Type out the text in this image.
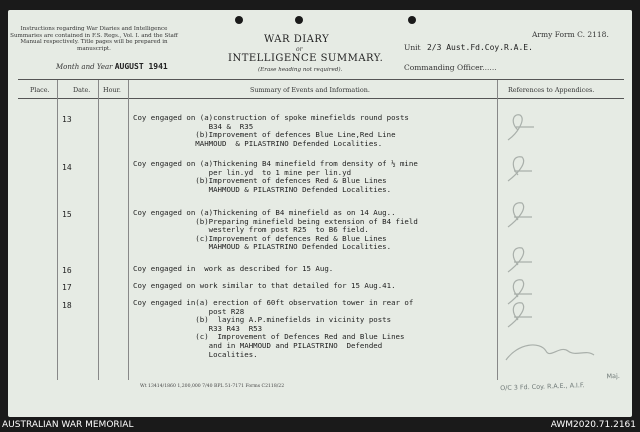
Instructions regarding War Diaries and Intelligence Summaries are contained in F.S. Regs., Vol. I. and the Staff Manual respectively. Title pages will be prepared in manuscript.
Month and Year AUGUST 1941
WAR DIARY
or
INTELLIGENCE SUMMARY.
(Erase heading not required).
Army Form C. 2118.
Unit 2/3 Aust.Fd.Coy.R.A.E.
Commanding Officer......
Place.	Date. Hour.	Summary of Events and Information.	References to Appendices.
13	Coy engaged on (a)construction of spoke minefields round posts
B34 &  R35
(b)Improvement of defences Blue Line,Red Line
MAHMOUD  & PILASTRINO Defended Localities.
14	Coy engaged on (a)Thickening B4 minefield from density of ½ mine
per lin.yd  to 1 mine per lin.yd
(b)Improvement of defences Red & Blue Lines
MAHMOUD & PILASTRINO Defended Localities.
15	Coy engaged on (a)Thickening of B4 minefield as on 14 Aug..
(b)Preparing minefield being extension of B4 field
westerly from post R25  to B6 field.
(c)Improvement of defences Red & Blue Lines
MAHMOUD & PILASTRINO Defended Localities.
16	Coy engaged in  work as described for 15 Aug.
17	Coy engaged on work similar to that detailed for 15 Aug.41.
18	Coy engaged in(a) erection of 60ft observation tower in rear of
post R28
(b)  laying A.P.minefields in vicinity posts
R33 R43  R53
(c)  Improvement of Defences Red and Blue Lines
and in MAHMOUD and PILASTRINO  Defended
Localities.
Wt 13414/1860 1,200,000 7/40 BPL 51-7171 Forms C2118/22
Maj.
O/C 3 Fd. Coy. R.A.E., A.I.F.
AUSTRALIAN WAR MEMORIAL	AWM2020.71.2161
